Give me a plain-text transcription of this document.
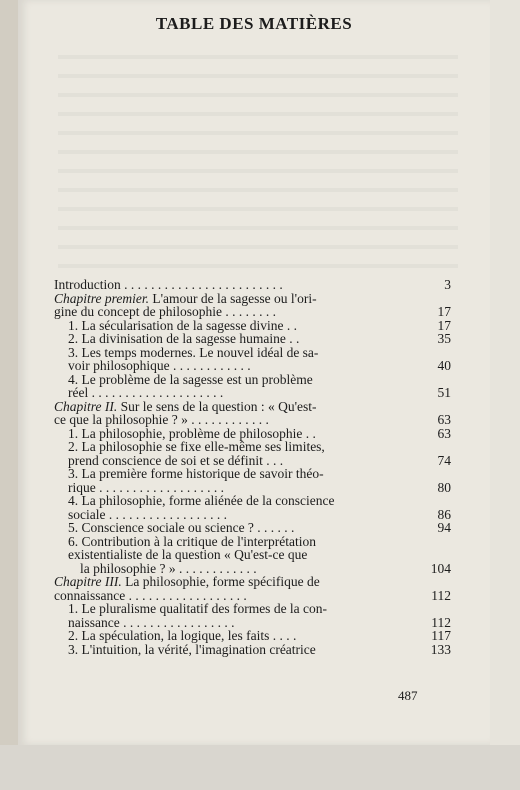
TABLE DES MATIÈRES
Introduction . . . . . . . . . . . . . . . . . . . . . . . .	3
Chapitre premier. L'amour de la sagesse ou l'ori-
gine du concept de philosophie . . . . . . . .	17
1. La sécularisation de la sagesse divine . .	17
2. La divinisation de la sagesse humaine . .	35
3. Les temps modernes. Le nouvel idéal de sa-
voir philosophique . . . . . . . . . . . .	40
4. Le problème de la sagesse est un problème
réel . . . . . . . . . . . . . . . . . . . .	51
Chapitre II. Sur le sens de la question : « Qu'est-
ce que la philosophie ? » . . . . . . . . . . . .	63
1. La philosophie, problème de philosophie . .	63
2. La philosophie se fixe elle-même ses limites,
prend conscience de soi et se définit . . .	74
3. La première forme historique de savoir théo-
rique . . . . . . . . . . . . . . . . . . .	80
4. La philosophie, forme aliénée de la conscience
sociale . . . . . . . . . . . . . . . . . .	86
5. Conscience sociale ou science ? . . . . . .	94
6. Contribution à la critique de l'interprétation
existentialiste de la question « Qu'est-ce que
la philosophie ? » . . . . . . . . . . . .	104
Chapitre III. La philosophie, forme spécifique de
connaissance . . . . . . . . . . . . . . . . . .	112
1. Le pluralisme qualitatif des formes de la con-
naissance . . . . . . . . . . . . . . . . .	112
2. La spéculation, la logique, les faits . . . .	117
3. L'intuition, la vérité, l'imagination créatrice	133
487
